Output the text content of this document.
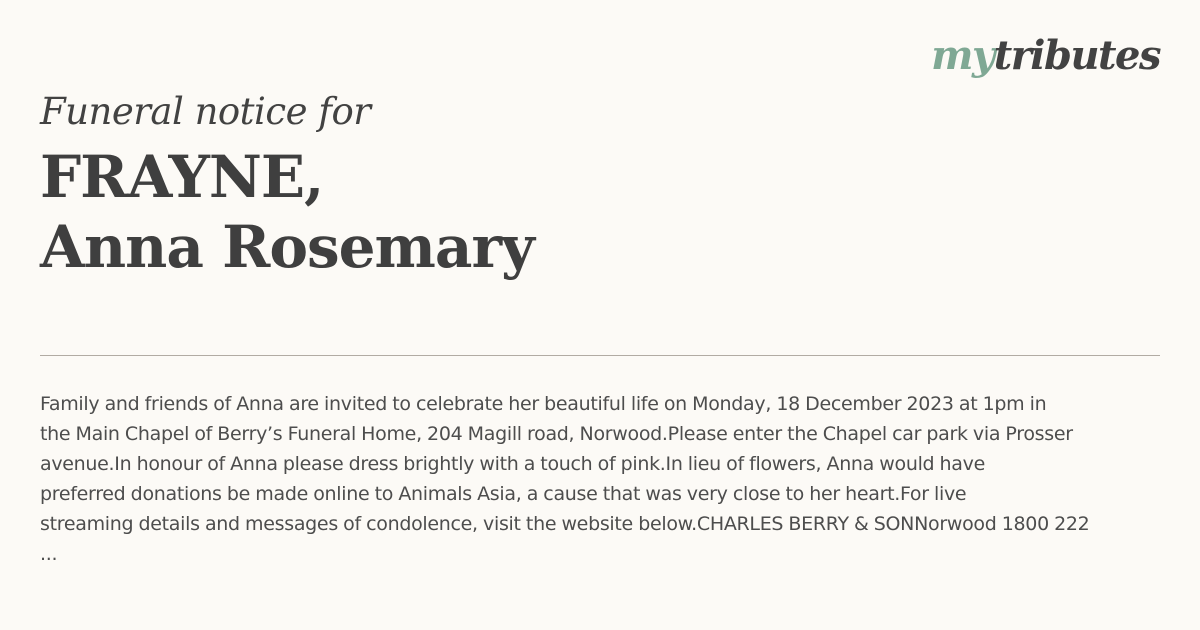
mytributes
Funeral notice for
FRAYNE,
Anna Rosemary
Family and friends of Anna are invited to celebrate her beautiful life on Monday, 18 December 2023 at 1pm in
the Main Chapel of Berry’s Funeral Home, 204 Magill road, Norwood.Please enter the Chapel car park via Prosser
avenue.In honour of Anna please dress brightly with a touch of pink.In lieu of flowers, Anna would have
preferred donations be made online to Animals Asia, a cause that was very close to her heart.For live
streaming details and messages of condolence, visit the website below.CHARLES BERRY & SONNorwood 1800 222
...
